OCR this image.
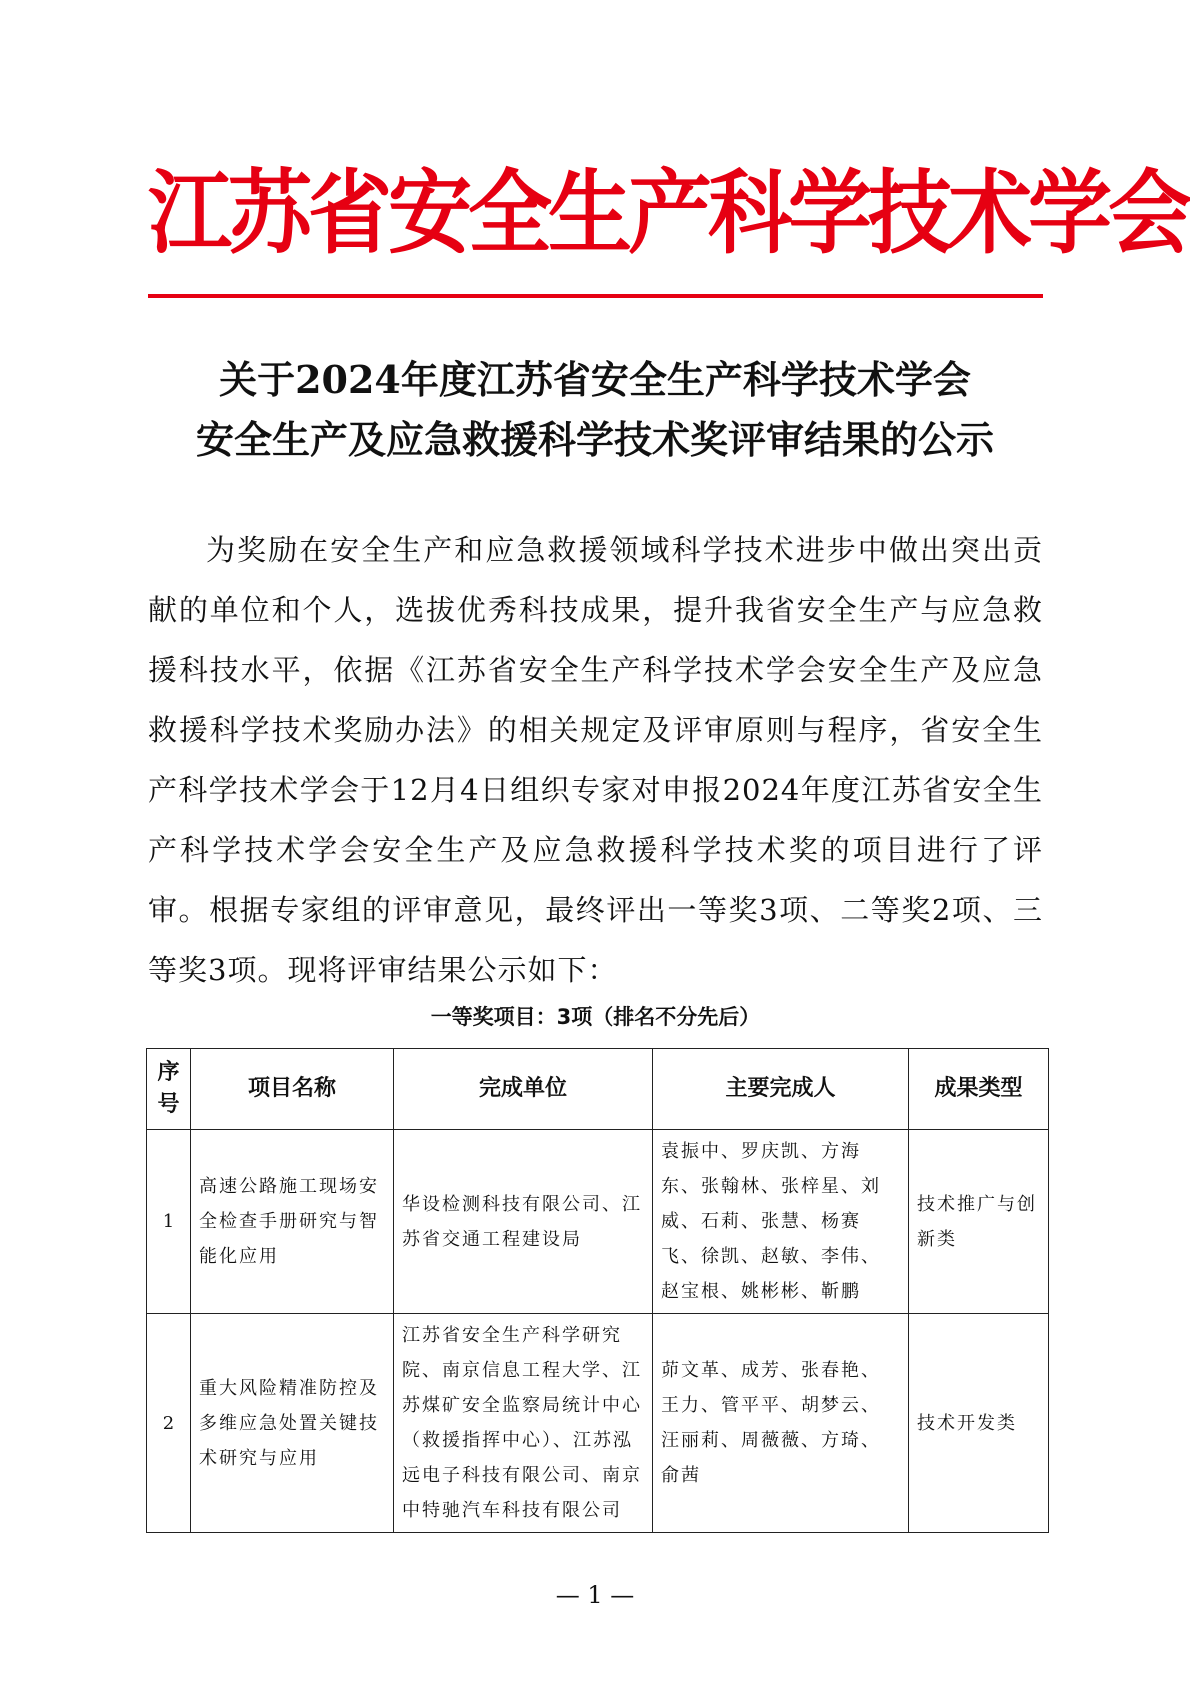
江苏省安全生产科学技术学会
关于2024年度江苏省安全生产科学技术学会
安全生产及应急救援科学技术奖评审结果的公示
为奖励在安全生产和应急救援领域科学技术进步中做出突出贡献的单位和个人，选拔优秀科技成果，提升我省安全生产与应急救援科技水平，依据《江苏省安全生产科学技术学会安全生产及应急救援科学技术奖励办法》的相关规定及评审原则与程序，省安全生产科学技术学会于12月4日组织专家对申报2024年度江苏省安全生产科学技术学会安全生产及应急救援科学技术奖的项目进行了评审。根据专家组的评审意见，最终评出一等奖3项、二等奖2项、三等奖3项。现将评审结果公示如下：
一等奖项目：3项（排名不分先后）
序号	项目名称	完成单位	主要完成人	成果类型
1	高速公路施工现场安全检查手册研究与智能化应用	华设检测科技有限公司、江苏省交通工程建设局	袁振中、罗庆凯、方海东、张翰林、张梓星、刘威、石莉、张慧、杨赛飞、徐凯、赵敏、李伟、赵宝根、姚彬彬、靳鹏	技术推广与创新类
2	重大风险精准防控及多维应急处置关键技术研究与应用	江苏省安全生产科学研究院、南京信息工程大学、江苏煤矿安全监察局统计中心（救援指挥中心）、江苏泓远电子科技有限公司、南京中特驰汽车科技有限公司	茆文革、成芳、张春艳、王力、管平平、胡梦云、汪丽莉、周薇薇、方琦、俞茜	技术开发类
— 1 —
